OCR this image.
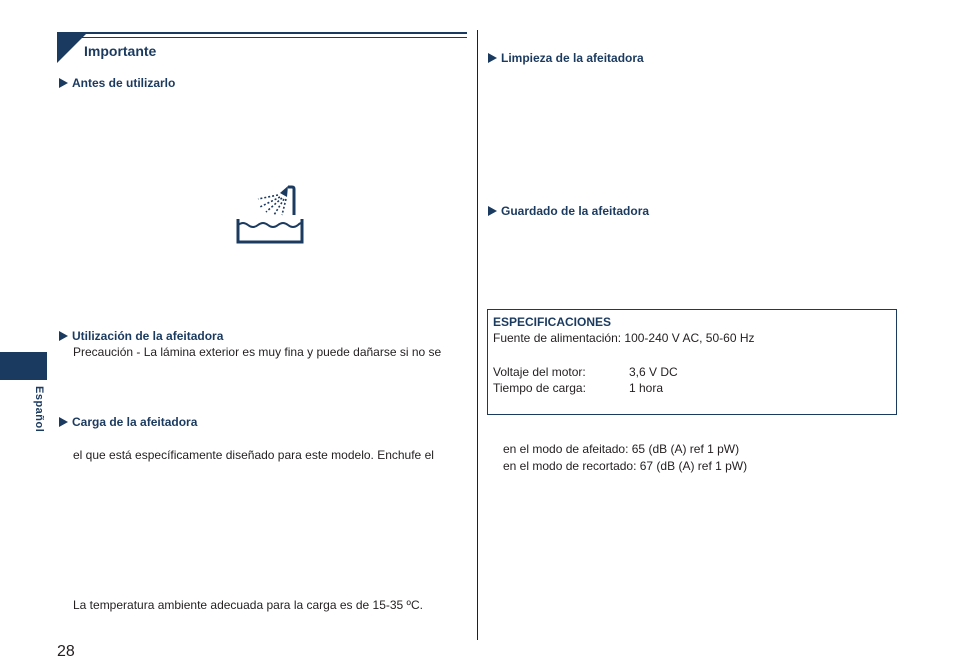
Importante
Antes de utilizarlo
Utilización de la afeitadora
Precaución - La lámina exterior es muy fina y puede dañarse si no se
Carga de la afeitadora
el que está específicamente diseñado para este modelo. Enchufe el
La temperatura ambiente adecuada para la carga es de 15-35 ºC.
Limpieza de la afeitadora
Guardado de la afeitadora
ESPECIFICACIONES
Fuente de alimentación: 100-240 V AC, 50-60 Hz
Voltaje del motor:	3,6 V DC
Tiempo de carga:	1 hora
en el modo de afeitado: 65 (dB (A) ref 1 pW)
en el modo de recortado: 67 (dB (A) ref 1 pW)
Español
28
